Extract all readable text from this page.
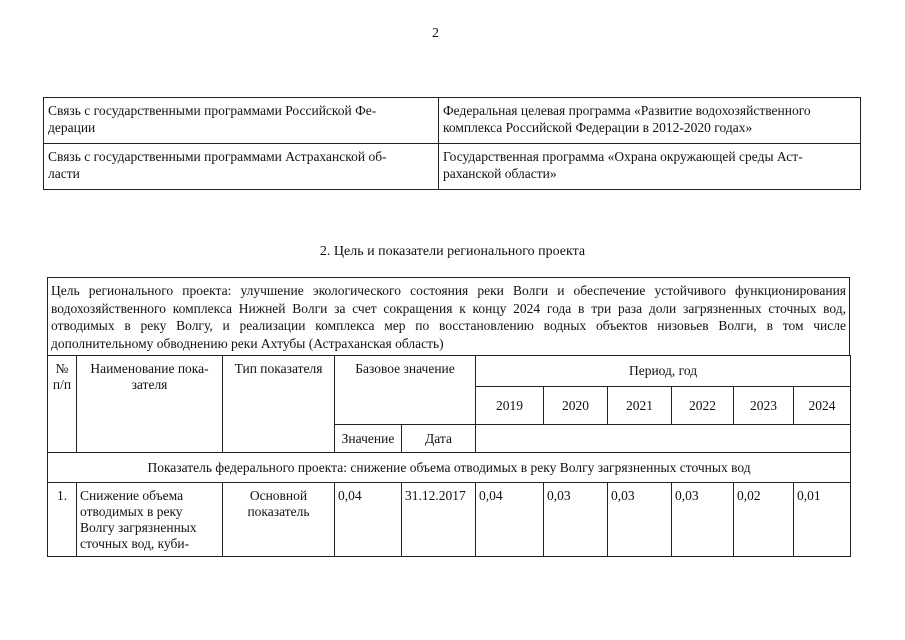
2
Связь с государственными программами Российской Фе-
дерации	Федеральная целевая программа «Развитие водохозяйственного комплекса Российской Федерации в 2012-2020 годах»
Связь с государственными программами Астраханской об-
ласти	Государственная программа «Охрана окружающей среды Аст-
раханской области»
2. Цель и показатели регионального проекта
Цель регионального проекта: улучшение экологического состояния реки Волги и обеспечение устойчивого функционирования водохозяйственного комплекса Нижней Волги за счет сокращения к концу 2024 года в три раза доли загрязненных сточных вод, отводимых в реку Волгу, и реализации комплекса мер по восстановлению водных объектов низовьев Волги, в том числе дополнительному обводнению реки Ахтубы (Астраханская область)
№
п/п	Наименование пока-
зателя	Тип показателя	Базовое значение		Период, год					
					2019	2020	2021	2022	2023	2024
			Значение	Дата						
Показатель федерального проекта: снижение объема отводимых в реку Волгу загрязненных сточных вод										
1.	Снижение объема отводимых в реку Волгу загрязненных сточных вод, куби-	Основной показатель	0,04	31.12.2017	0,04	0,03	0,03	0,03	0,02	0,01
